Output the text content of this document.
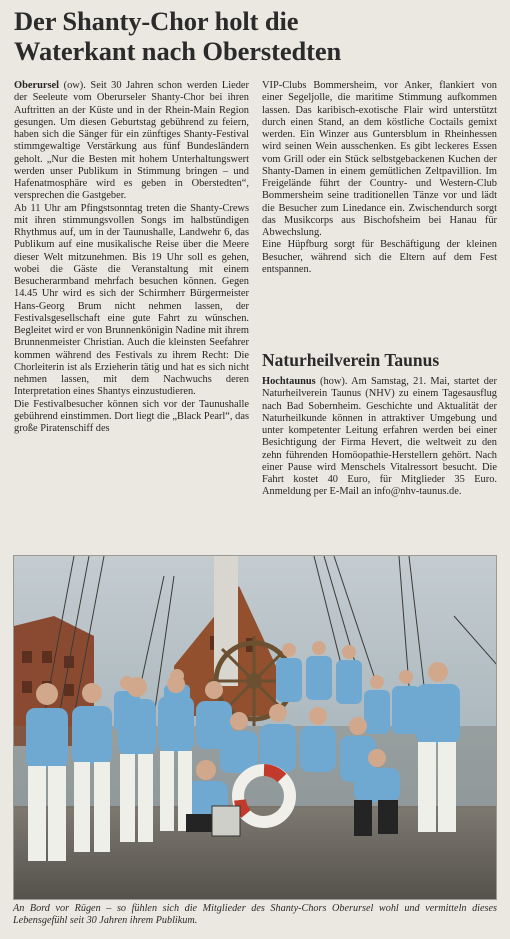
Der Shanty-Chor holt die
Waterkant nach Oberstedten

Oberursel (ow). Seit 30 Jahren schon werden Lieder der Seeleute vom Oberurseler Shanty-Chor bei ihren Auftritten an der Küste und in der Rhein-Main Region gesungen. Um diesen Geburtstag gebührend zu feiern, haben sich die Sänger für ein zünftiges Shanty-Festival stimmgewaltige Verstärkung aus fünf Bundesländern geholt. „Nur die Besten mit hohem Unterhaltungswert werden unser Publikum in Stimmung bringen – und Hafenatmosphäre wird es geben in Oberstedten“, versprechen die Gastgeber.

Ab 11 Uhr am Pfingstsonntag treten die Shanty-Crews mit ihren stimmungsvollen Songs im halbstündigen Rhythmus auf, um in der Taunushalle, Landwehr 6, das Publikum auf eine musikalische Reise über die Meere dieser Welt mitzunehmen. Bis 19 Uhr soll es gehen, wobei die Gäste die Veranstaltung mit einem Besucherarmband mehrfach besuchen können. Gegen 14.45 Uhr wird es sich der Schirmherr Bürgermeister Hans-Georg Brum nicht nehmen lassen, der Festivalsgesellschaft eine gute Fahrt zu wünschen. Begleitet wird er von Brunnenkönigin Nadine mit ihrem Brunnenmeister Christian. Auch die kleinsten Seefahrer kommen während des Festivals zu ihrem Recht: Die Chorleiterin ist als Erzieherin tätig und hat es sich nicht nehmen lassen, mit dem Nachwuchs deren Interpretation eines Shantys einzustudieren.

Die Festivalbesucher können sich vor der Taunushalle gebührend einstimmen. Dort liegt die „Black Pearl“, das große Piratenschiff des

VIP-Clubs Bommersheim, vor Anker, flankiert von einer Segeljolle, die maritime Stimmung aufkommen lassen. Das karibisch-exotische Flair wird unterstützt durch einen Stand, an dem köstliche Coctails gemixt werden. Ein Winzer aus Guntersblum in Rheinhessen wird seinen Wein ausschenken. Es gibt leckeres Essen vom Grill oder ein Stück selbstgebackenen Kuchen der Shanty-Damen in einem gemütlichen Zeltpavillion. Im Freigelände führt der Country- und Western-Club Bommersheim seine traditionellen Tänze vor und lädt die Besucher zum Linedance ein. Zwischendurch sorgt das Musikcorps aus Bischofsheim bei Hanau für Abwechslung.

Eine Hüpfburg sorgt für Beschäftigung der kleinen Besucher, während sich die Eltern auf dem Fest entspannen.

Naturheilverein Taunus

Hochtaunus (how). Am Samstag, 21. Mai, startet der Naturheilverein Taunus (NHV) zu einem Tagesausflug nach Bad Sobernheim. Geschichte und Aktualität der Naturheilkunde können in attraktiver Umgebung und unter kompetenter Leitung erfahren werden bei einer Besichtigung der Firma Hevert, die weltweit zu den zehn führenden Homöopathie-Herstellern gehört. Nach einer Pause wird Menschels Vitalressort besucht. Die Fahrt kostet 40 Euro, für Mitglieder 35 Euro. Anmeldung per E-Mail an info@nhv-taunus.de.

An Bord vor Rügen – so fühlen sich die Mitglieder des Shanty-Chors Oberursel wohl und vermitteln dieses Lebensgefühl seit 30 Jahren ihrem Publikum.
